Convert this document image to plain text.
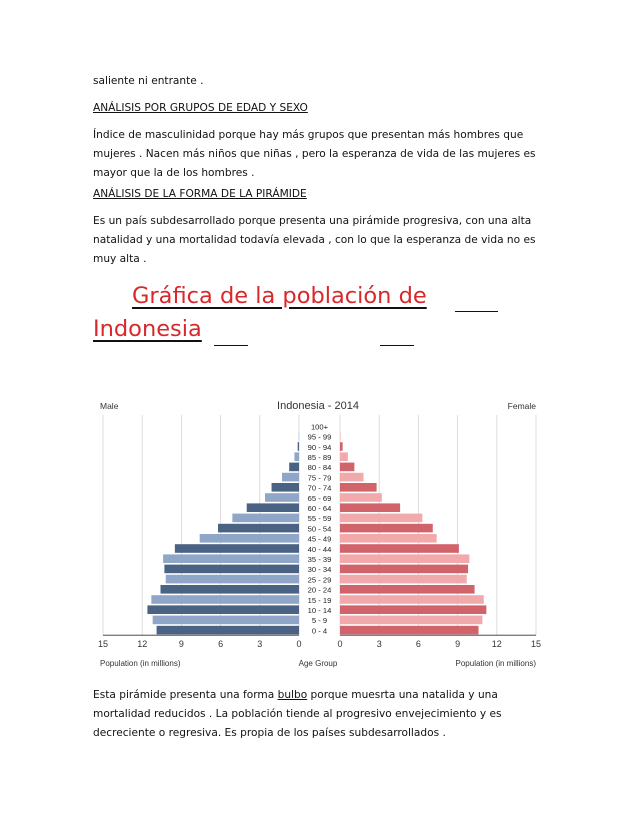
saliente ni entrante .

ANÁLISIS POR GRUPOS DE EDAD Y SEXO

Índice de masculinidad porque hay más grupos que presentan más hombres que mujeres . Nacen más niños que niñas , pero la esperanza de vida de las mujeres es mayor que la de los hombres .

ANÁLISIS DE LA FORMA DE LA PIRÁMIDE

Es un país subdesarrollado porque presenta una pirámide progresiva, con una alta natalidad y una mortalidad todavía elevada , con lo que la esperanza de vida no es muy alta .

Gráfica de la población de

Indonesia

100+
95 - 99
90 - 94
85 - 89
80 - 84
75 - 79
70 - 74
65 - 69
60 - 64
55 - 59
50 - 54
45 - 49
40 - 44
35 - 39
30 - 34
25 - 29
20 - 24
15 - 19
10 - 14
5 - 9
0 - 4
0	0
3	3
6	6
9	9
12	12
15	15
Male	Female
Indonesia - 2014
Population (in millions)	Age Group	Population (in millions)

Esta pirámide presenta una forma bulbo porque muesrta una natalida y una mortalidad reducidos . La población tiende al progresivo envejecimiento y es decreciente o regresiva. Es propia de los países subdesarrollados .
